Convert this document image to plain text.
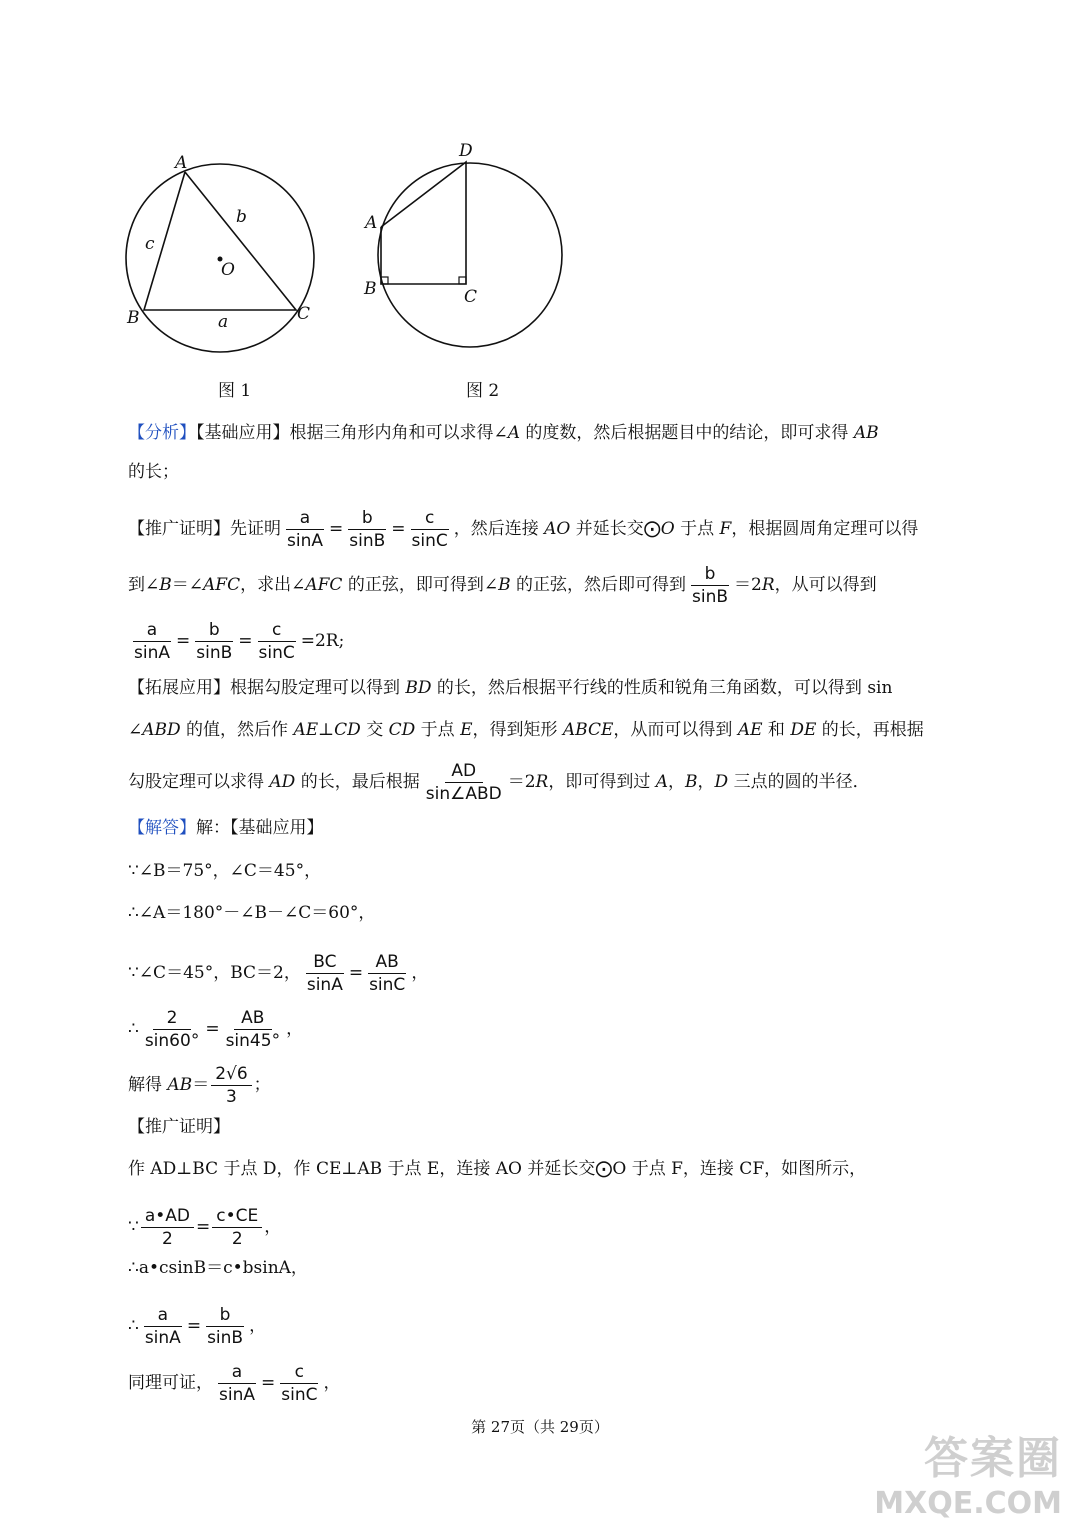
A
B	C
O
a
b
c
图 1
A
B	C
D
图 2
【分析】【基础应用】根据三角形内角和可以求得∠A 的度数，然后根据题目中的结论，即可求得 AB
的长；
【推广证明】先证明 $\frac{a}{\sin A} = \frac{b}{\sin B} = \frac{c}{\sin C}$ ，然后连接 AO 并延长交⨀O 于点 F，根据圆周角定理可以得
到∠B＝∠AFC，求出∠AFC 的正弦，即可得到∠B 的正弦，然后即可得到 $\frac{b}{\sin B} =2R$，从可以得到
$\frac{a}{\sin A} = \frac{b}{\sin B} = \frac{c}{\sin C} =2R$;
【拓展应用】根据勾股定理可以得到 BD 的长，然后根据平行线的性质和锐角三角函数，可以得到 sin
∠ABD 的值，然后作 AE⊥CD 交 CD 于点 E，得到矩形 ABCE，从而可以得到 AE 和 DE 的长，再根据
勾股定理可以求得 AD 的长，最后根据 $\frac{AD}{\text{sin∠ABD}} =2R$，即可得到过 A，B，D 三点的圆的半径．
【解答】解：【基础应用】
∵∠B＝75°，∠C＝45°，
∴∠A＝180°－∠B－∠C＝60°，
∵∠C＝45°，BC＝2， $\frac{BC}{\sin A} = \frac{AB}{\sin C}$ ，
∴ $\frac{2}{\sin 60^\circ} = \frac{AB}{\sin 45^\circ}$ ，
解得 $AB= \frac{2√6}{3}$ ；
【推广证明】
作 AD⊥BC 于点 D，作 CE⊥AB 于点 E，连接 AO 并延长交⨀O 于点 F，连接 CF，如图所示，
∵ $\frac{a•AD}{2} = \frac{c•CE}{2}$ ，
∴a•csinB＝c•bsinA，
∴ $\frac{a}{\sin A} = \frac{b}{\sin B}$ ，
同理可证， $\frac{a}{\sin A} = \frac{c}{\sin C}$ ，
第 27页（共 29页）
答案圈
MXQE.COM
